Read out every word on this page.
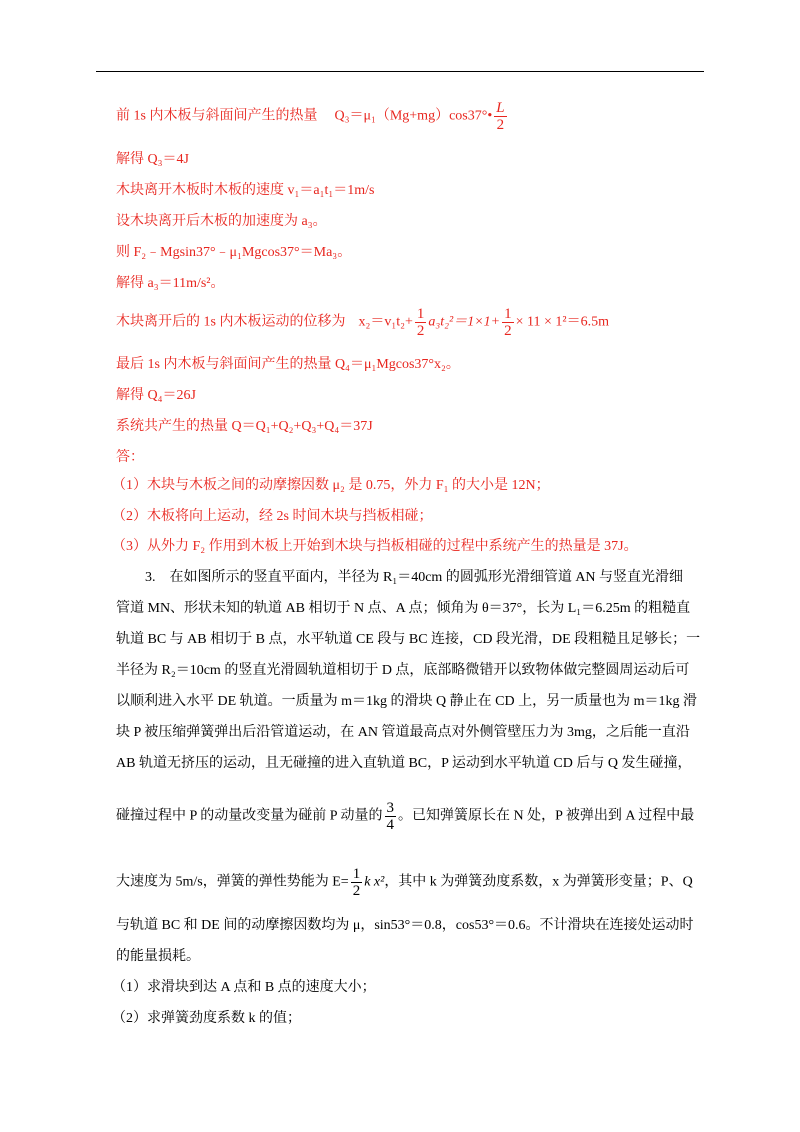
前 1s 内木板与斜面间产生的热量 Q₃＝μ₁（Mg+mg）cos37°• $\frac{L}{2}$
解得 Q₃＝4J
木块离开木板时木板的速度 v₁＝a₁t₁＝1m/s
设木块离开后木板的加速度为 a₃。
则 F₂﹣Mgsin37°﹣μ₁Mgcos37°＝Ma₃。
解得 a₃＝11m/s²。
木块离开后的 1s 内木板运动的位移为 $x_2=v_1t_2+ \frac{1}{2} a_3t_2^2=1\times 1+ \frac{1}{2} \times 11 \times 1^2=6.5m$
最后 1s 内木板与斜面间产生的热量 Q₄＝μ₁Mgcos37°x₂。
解得 Q₄＝26J
系统共产生的热量 Q＝Q₁+Q₂+Q₃+Q₄＝37J
答：
（1）木块与木板之间的动摩擦因数 μ₂ 是 0.75，外力 F₁ 的大小是 12N；
（2）木板将向上运动，经 2s 时间木块与挡板相碰；
（3）从外力 F₂ 作用到木板上开始到木块与挡板相碰的过程中系统产生的热量是 37J。
3.　在如图所示的竖直平面内，半径为 R₁＝40cm 的圆弧形光滑细管道 AN 与竖直光滑细
管道 MN、形状未知的轨道 AB 相切于 N 点、A 点；倾角为 θ＝37°，长为 L₁＝6.25m 的粗糙直
轨道 BC 与 AB 相切于 B 点，水平轨道 CE 段与 BC 连接，CD 段光滑，DE 段粗糙且足够长；一
半径为 R₂＝10cm 的竖直光滑圆轨道相切于 D 点，底部略微错开以致物体做完整圆周运动后可
以顺利进入水平 DE 轨道。一质量为 m＝1kg 的滑块 Q 静止在 CD 上，另一质量也为 m＝1kg 滑
块 P 被压缩弹簧弹出后沿管道运动，在 AN 管道最高点对外侧管壁压力为 3mg，之后能一直沿
AB 轨道无挤压的运动，且无碰撞的进入直轨道 BC，P 运动到水平轨道 CD 后与 Q 发生碰撞，
碰撞过程中 P 的动量改变量为碰前 P 动量的 $\frac{3}{4}$ 。已知弹簧原长在 N 处，P 被弹出到 A 过程中最
大速度为 5m/s，弹簧的弹性势能为 $E= \frac{1}{2}$ k x²，其中 k 为弹簧劲度系数，x 为弹簧形变量；P、Q
与轨道 BC 和 DE 间的动摩擦因数均为 μ，sin53°＝0.8，cos53°＝0.6。不计滑块在连接处运动时
的能量损耗。
（1）求滑块到达 A 点和 B 点的速度大小；
（2）求弹簧劲度系数 k 的值；
